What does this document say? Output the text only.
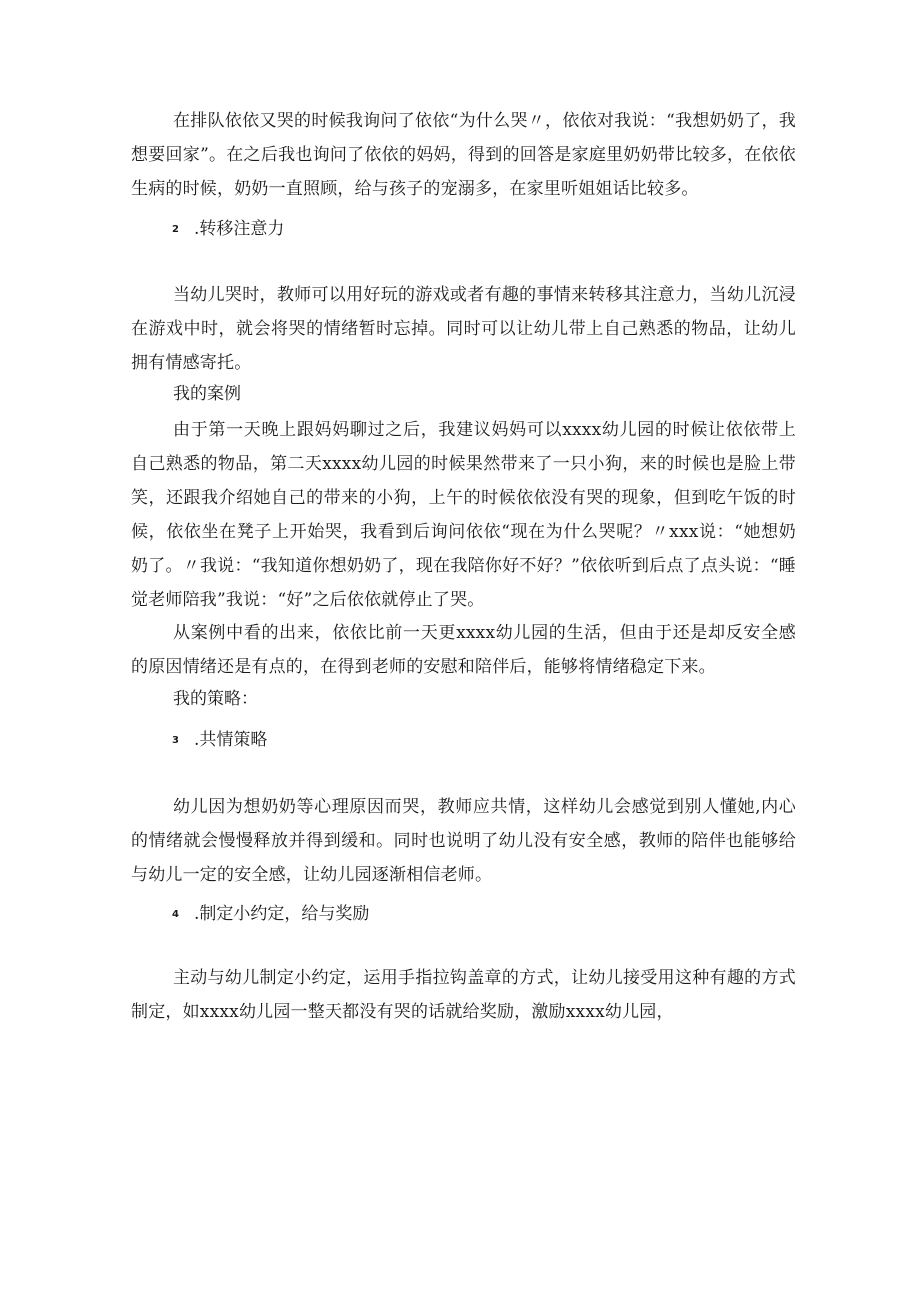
在排队依依又哭的时候我询问了依依“为什么哭〃，依依对我说：“我想奶奶了，我想要回家”。在之后我也询问了依依的妈妈，得到的回答是家庭里奶奶带比较多，在依依生病的时候，奶奶一直照顾，给与孩子的宠溺多，在家里听姐姐话比较多。

2 .转移注意力

当幼儿哭时，教师可以用好玩的游戏或者有趣的事情来转移其注意力，当幼儿沉浸在游戏中时，就会将哭的情绪暂时忘掉。同时可以让幼儿带上自己熟悉的物品，让幼儿拥有情感寄托。

我的案例

由于第一天晚上跟妈妈聊过之后，我建议妈妈可以xxxx幼儿园的时候让依依带上自己熟悉的物品，第二天xxxx幼儿园的时候果然带来了一只小狗，来的时候也是脸上带笑，还跟我介绍她自己的带来的小狗，上午的时候依依没有哭的现象，但到吃午饭的时候，依依坐在凳子上开始哭，我看到后询问依依“现在为什么哭呢？〃xxx说：“她想奶奶了。〃我说：“我知道你想奶奶了，现在我陪你好不好？”依依听到后点了点头说：“睡觉老师陪我”我说：“好”之后依依就停止了哭。

从案例中看的出来，依依比前一天更xxxx幼儿园的生活，但由于还是却反安全感的原因情绪还是有点的，在得到老师的安慰和陪伴后，能够将情绪稳定下来。

我的策略：
3 .共情策略

幼儿因为想奶奶等心理原因而哭，教师应共情，这样幼儿会感觉到别人懂她,内心的情绪就会慢慢释放并得到缓和。同时也说明了幼儿没有安全感，教师的陪伴也能够给与幼儿一定的安全感，让幼儿园逐渐相信老师。

4 .制定小约定，给与奖励

主动与幼儿制定小约定，运用手指拉钩盖章的方式，让幼儿接受用这种有趣的方式制定，如xxxx幼儿园一整天都没有哭的话就给奖励，激励xxxx幼儿园，
